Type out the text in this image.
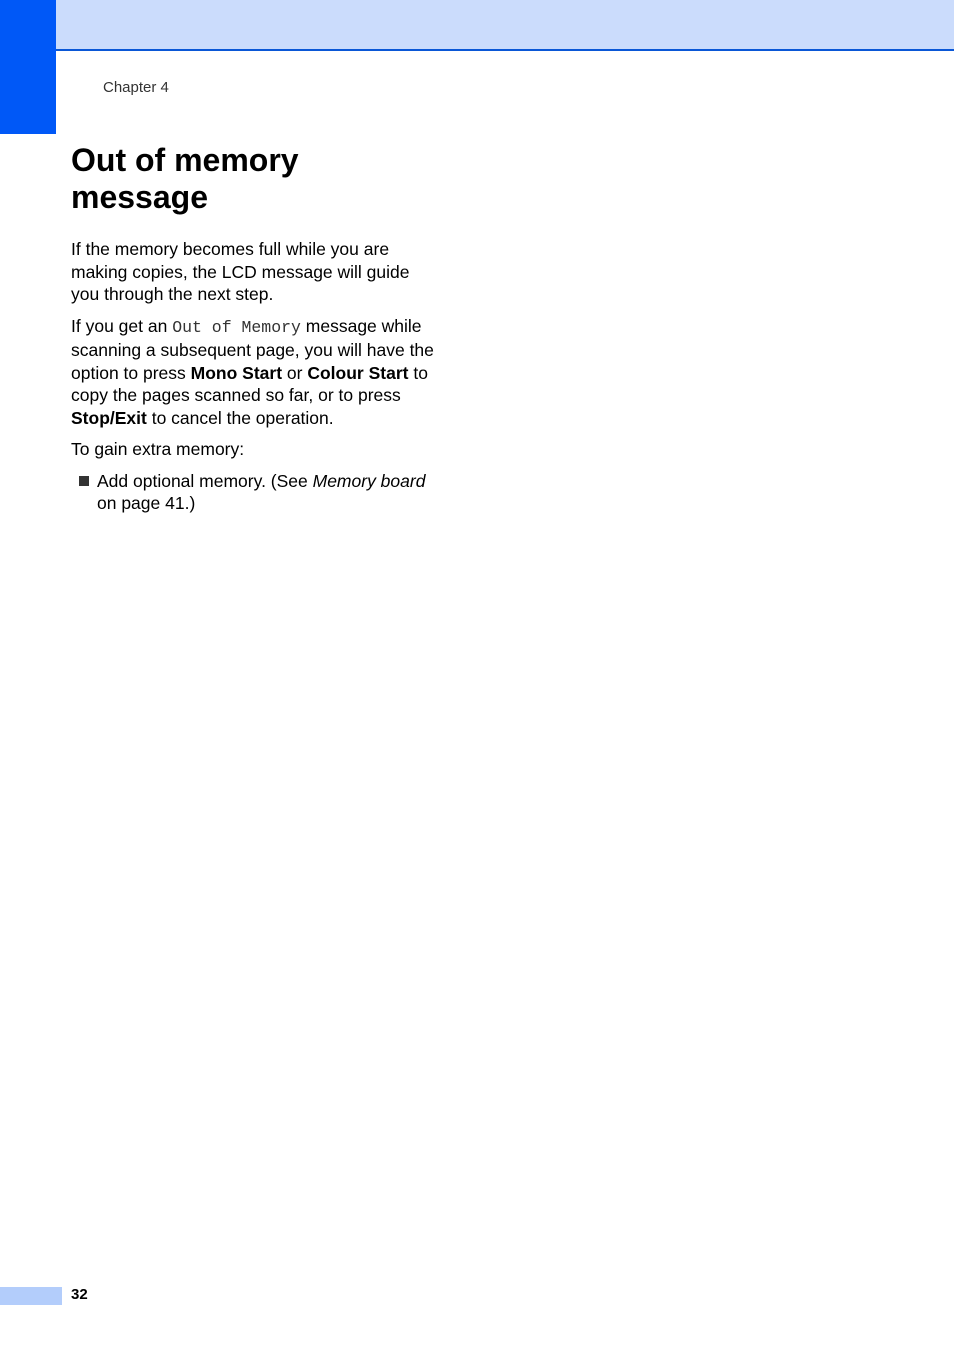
Chapter 4
Out of memory message

If the memory becomes full while you are making copies, the LCD message will guide you through the next step.

If you get an Out of Memory message while scanning a subsequent page, you will have the option to press Mono Start or Colour Start to copy the pages scanned so far, or to press Stop/Exit to cancel the operation.

To gain extra memory:

Add optional memory. (See Memory board on page 41.)
32
